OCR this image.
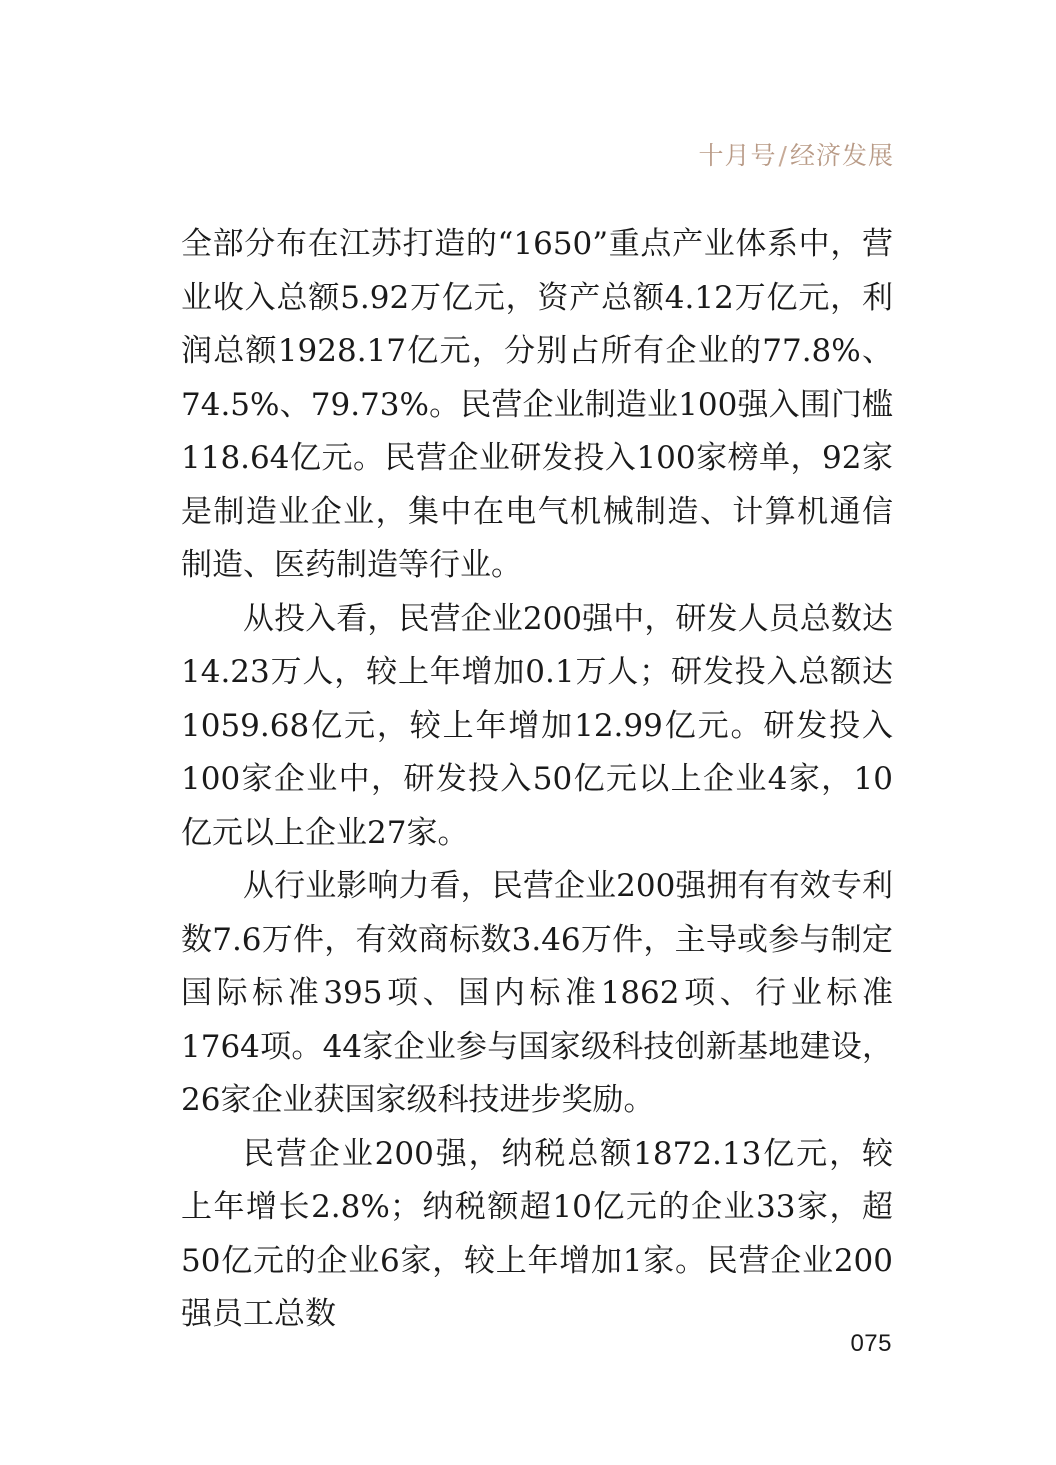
十月号/经济发展

全部分布在江苏打造的“1650”重点产业体系中，营业收入总额5.92万亿元，资产总额4.12万亿元，利润总额1928.17亿元，分别占所有企业的77.8%、74.5%、79.73%。民营企业制造业100强入围门槛118.64亿元。民营企业研发投入100家榜单，92家是制造业企业，集中在电气机械制造、计算机通信制造、医药制造等行业。

从投入看，民营企业200强中，研发人员总数达14.23万人，较上年增加0.1万人；研发投入总额达1059.68亿元，较上年增加12.99亿元。研发投入100家企业中，研发投入50亿元以上企业4家，10亿元以上企业27家。

从行业影响力看，民营企业200强拥有有效专利数7.6万件，有效商标数3.46万件，主导或参与制定国际标准395项、国内标准1862项、行业标准1764项。44家企业参与国家级科技创新基地建设，26家企业获国家级科技进步奖励。

民营企业200强，纳税总额1872.13亿元，较上年增长2.8%；纳税额超10亿元的企业33家，超50亿元的企业6家，较上年增加1家。民营企业200强员工总数

075
